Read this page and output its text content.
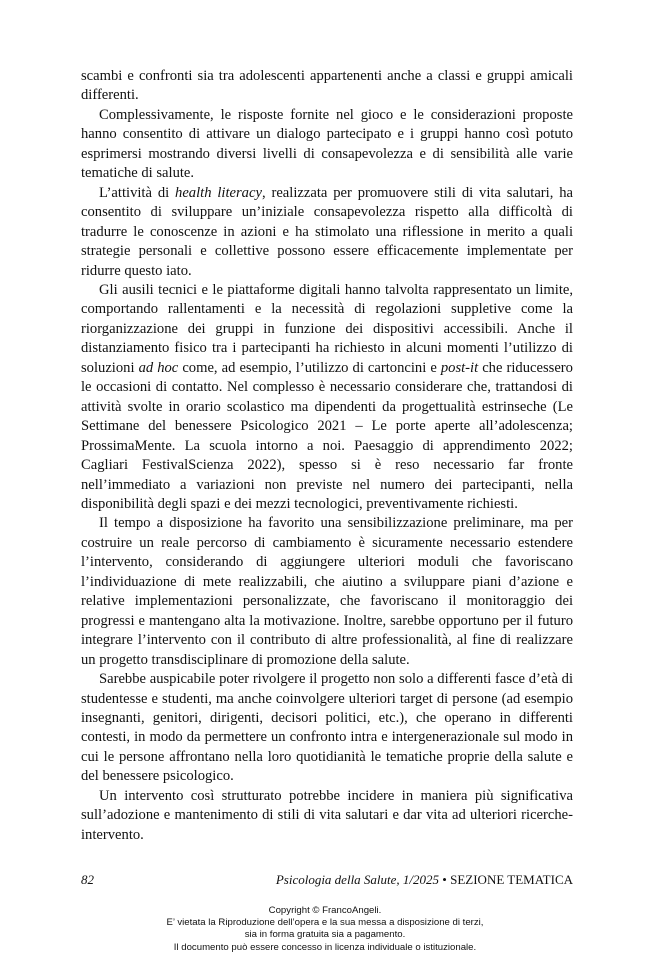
scambi e confronti sia tra adolescenti appartenenti anche a classi e gruppi amicali differenti.

Complessivamente, le risposte fornite nel gioco e le considerazioni proposte hanno consentito di attivare un dialogo partecipato e i gruppi hanno così potuto esprimersi mostrando diversi livelli di consapevolezza e di sensibilità alle varie tematiche di salute.

L’attività di health literacy, realizzata per promuovere stili di vita salutari, ha consentito di sviluppare un’iniziale consapevolezza rispetto alla difficoltà di tradurre le conoscenze in azioni e ha stimolato una riflessione in merito a quali strategie personali e collettive possono essere efficacemente implementate per ridurre questo iato.

Gli ausili tecnici e le piattaforme digitali hanno talvolta rappresentato un limite, comportando rallentamenti e la necessità di regolazioni suppletive come la riorganizzazione dei gruppi in funzione dei dispositivi accessibili. Anche il distanziamento fisico tra i partecipanti ha richiesto in alcuni momenti l’utilizzo di soluzioni ad hoc come, ad esempio, l’utilizzo di cartoncini e post-it che riducessero le occasioni di contatto. Nel complesso è necessario considerare che, trattandosi di attività svolte in orario scolastico ma dipendenti da progettualità estrinseche (Le Settimane del benessere Psicologico 2021 – Le porte aperte all’adolescenza; ProssimaMente. La scuola intorno a noi. Paesaggio di apprendimento 2022; Cagliari FestivalScienza 2022), spesso si è reso necessario far fronte nell’immediato a variazioni non previste nel numero dei partecipanti, nella disponibilità degli spazi e dei mezzi tecnologici, preventivamente richiesti.

Il tempo a disposizione ha favorito una sensibilizzazione preliminare, ma per costruire un reale percorso di cambiamento è sicuramente necessario estendere l’intervento, considerando di aggiungere ulteriori moduli che favoriscano l’individuazione di mete realizzabili, che aiutino a sviluppare piani d’azione e relative implementazioni personalizzate, che favoriscano il monitoraggio dei progressi e mantengano alta la motivazione. Inoltre, sarebbe opportuno per il futuro integrare l’intervento con il contributo di altre professionalità, al fine di realizzare un progetto transdisciplinare di promozione della salute.

Sarebbe auspicabile poter rivolgere il progetto non solo a differenti fasce d’età di studentesse e studenti, ma anche coinvolgere ulteriori target di persone (ad esempio insegnanti, genitori, dirigenti, decisori politici, etc.), che operano in differenti contesti, in modo da permettere un confronto intra e intergenerazionale sul modo in cui le persone affrontano nella loro quotidianità le tematiche proprie della salute e del benessere psicologico.

Un intervento così strutturato potrebbe incidere in maniera più significativa sull’adozione e mantenimento di stili di vita salutari e dar vita ad ulteriori ricerche-intervento.

82	Psicologia della Salute, 1/2025 • SEZIONE TEMATICA
Copyright © FrancoAngeli.
E’ vietata la Riproduzione dell’opera e la sua messa a disposizione di terzi,
sia in forma gratuita sia a pagamento.
Il documento può essere concesso in licenza individuale o istituzionale.
